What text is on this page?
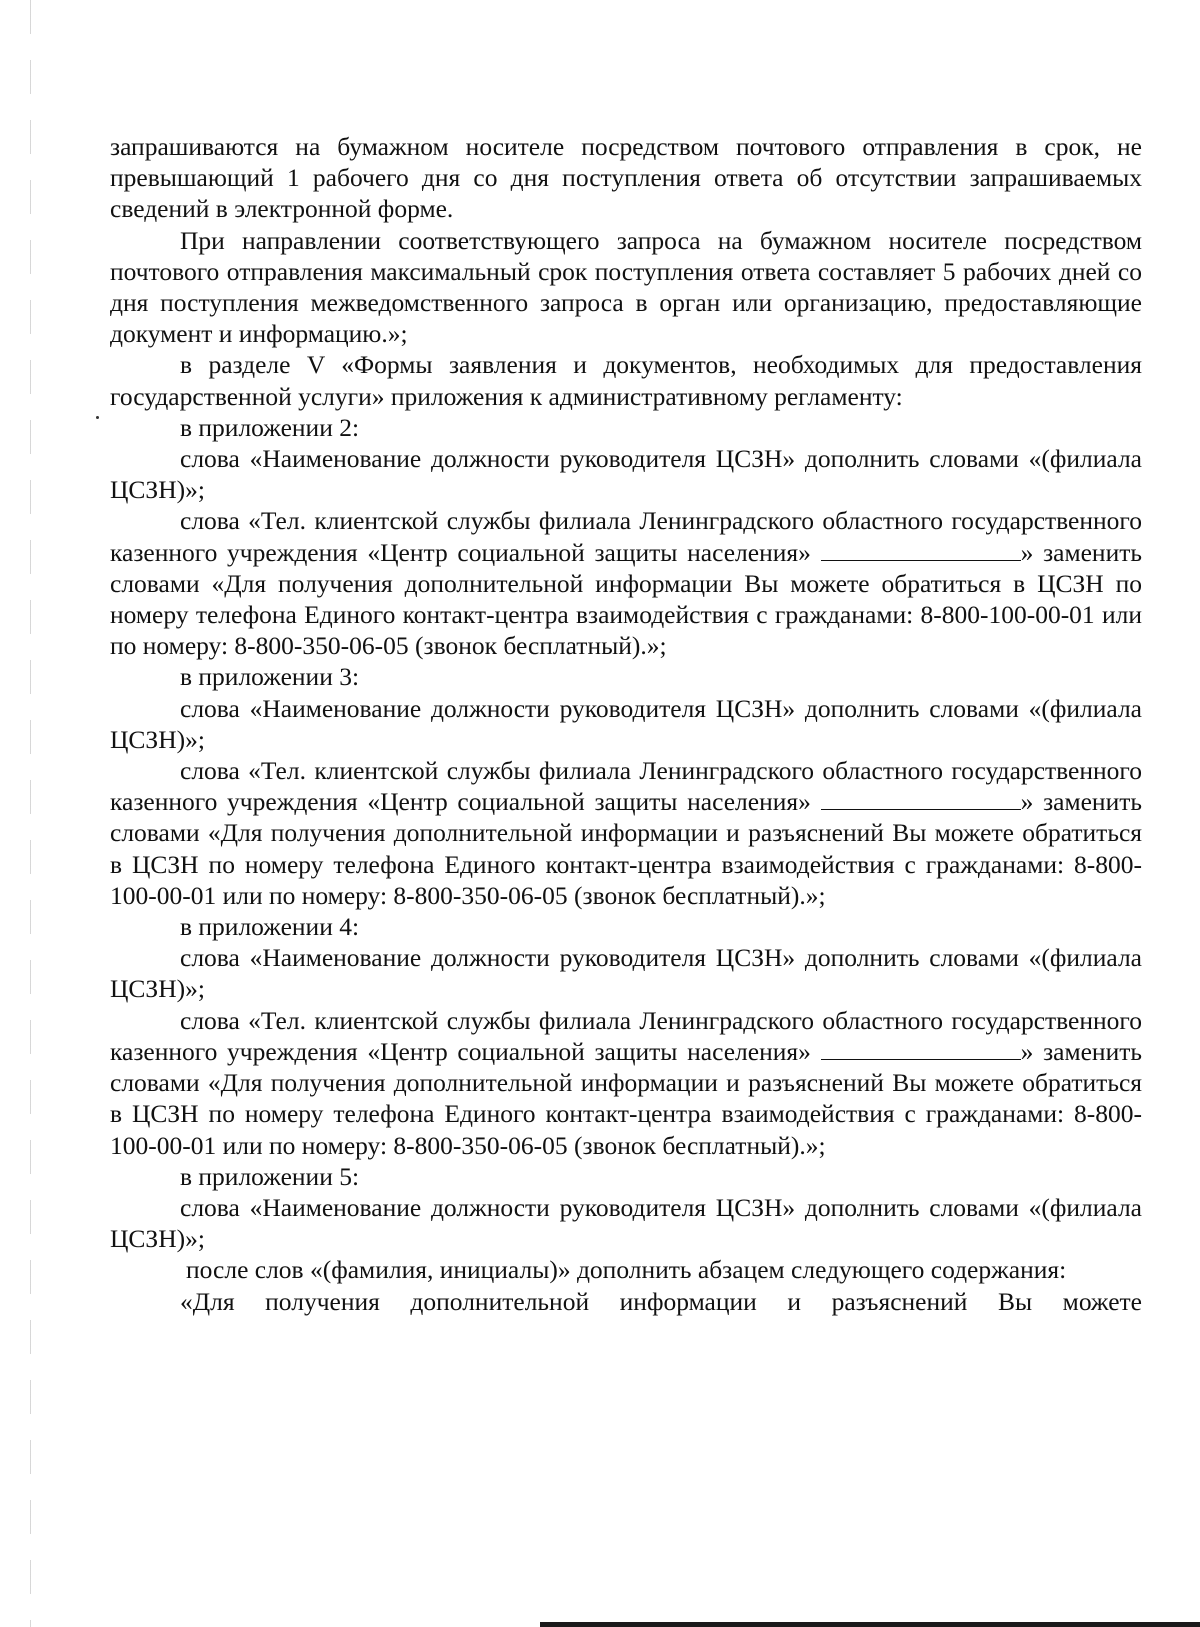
запрашиваются на бумажном носителе посредством почтового отправления в срок, не превышающий 1 рабочего дня со дня поступления ответа об отсутствии запрашиваемых сведений в электронной форме.

При направлении соответствующего запроса на бумажном носителе посредством почтового отправления максимальный срок поступления ответа составляет 5 рабочих дней со дня поступления межведомственного запроса в орган или организацию, предоставляющие документ и информацию.»;

в разделе V «Формы заявления и документов, необходимых для предоставления государственной услуги» приложения к административному регламенту:

в приложении 2:

слова «Наименование должности руководителя ЦСЗН» дополнить словами «(филиала ЦСЗН)»;

слова «Тел. клиентской службы филиала Ленинградского областного государственного казенного учреждения «Центр социальной защиты населения»	» заменить словами «Для получения дополнительной информации Вы можете обратиться в ЦСЗН по номеру телефона Единого контакт-центра взаимодействия с гражданами: 8-800-100-00-01 или по номеру: 8-800-350-06-05 (звонок бесплатный).»;

в приложении 3:

слова «Наименование должности руководителя ЦСЗН» дополнить словами «(филиала ЦСЗН)»;

слова «Тел. клиентской службы филиала Ленинградского областного государственного казенного учреждения «Центр социальной защиты населения»	» заменить словами «Для получения дополнительной информации и разъяснений Вы можете обратиться в ЦСЗН по номеру телефона Единого контакт-центра взаимодействия с гражданами: 8-800-100-00-01 или по номеру: 8-800-350-06-05 (звонок бесплатный).»;

в приложении 4:

слова «Наименование должности руководителя ЦСЗН» дополнить словами «(филиала ЦСЗН)»;

слова «Тел. клиентской службы филиала Ленинградского областного государственного казенного учреждения «Центр социальной защиты населения»	» заменить словами «Для получения дополнительной информации и разъяснений Вы можете обратиться в ЦСЗН по номеру телефона Единого контакт-центра взаимодействия с гражданами: 8-800-100-00-01 или по номеру: 8-800-350-06-05 (звонок бесплатный).»;

в приложении 5:

слова «Наименование должности руководителя ЦСЗН» дополнить словами «(филиала ЦСЗН)»;

после слов «(фамилия, инициалы)» дополнить абзацем следующего содержания:

«Для получения дополнительной информации и разъяснений Вы можете
